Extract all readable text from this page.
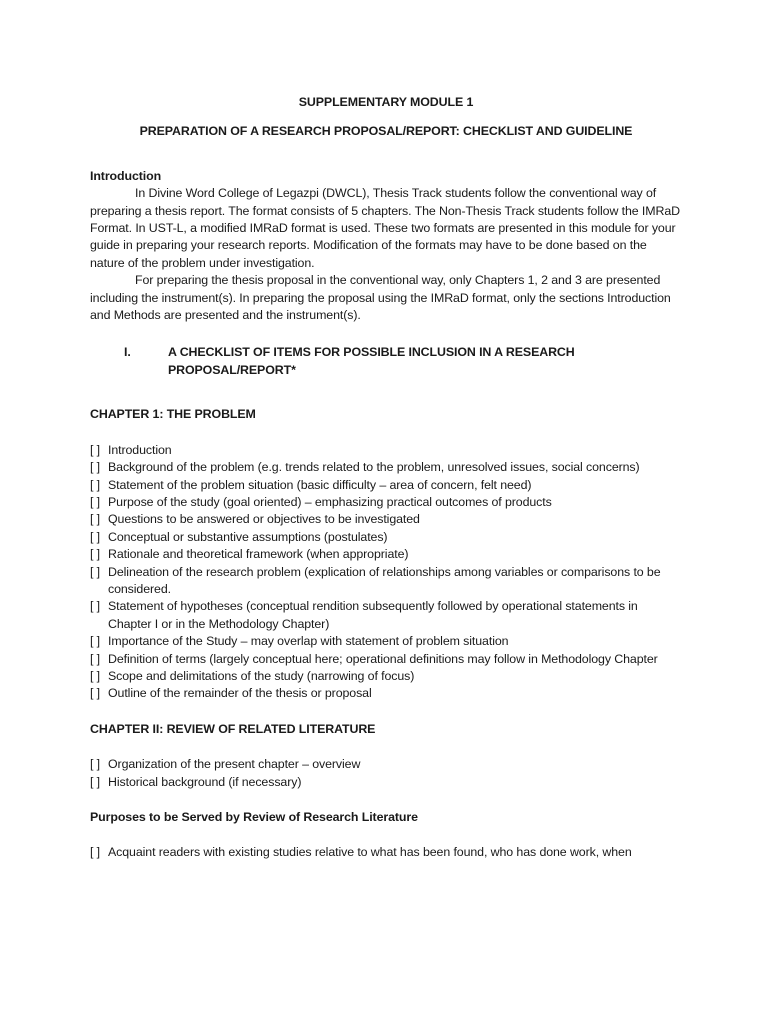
SUPPLEMENTARY MODULE 1
PREPARATION OF A RESEARCH PROPOSAL/REPORT: CHECKLIST AND GUIDELINE
Introduction

In Divine Word College of Legazpi (DWCL), Thesis Track students follow the conventional way of preparing a thesis report. The format consists of 5 chapters. The Non-Thesis Track students follow the IMRaD Format. In UST-L, a modified IMRaD format is used. These two formats are presented in this module for your guide in preparing your research reports. Modification of the formats may have to be done based on the nature of the problem under investigation.

For preparing the thesis proposal in the conventional way, only Chapters 1, 2 and 3 are presented including the instrument(s). In preparing the proposal using the IMRaD format, only the sections Introduction and Methods are presented and the instrument(s).

I.	A CHECKLIST OF ITEMS FOR POSSIBLE INCLUSION IN A RESEARCH PROPOSAL/REPORT*
CHAPTER 1: THE PROBLEM
[ ] Introduction
[ ] Background of the problem (e.g. trends related to the problem, unresolved issues, social concerns)
[ ] Statement of the problem situation (basic difficulty – area of concern, felt need)
[ ] Purpose of the study (goal oriented) – emphasizing practical outcomes of products
[ ] Questions to be answered or objectives to be investigated
[ ] Conceptual or substantive assumptions (postulates)
[ ] Rationale and theoretical framework (when appropriate)
[ ] Delineation of the research problem (explication of relationships among variables or comparisons to be considered.
[ ] Statement of hypotheses (conceptual rendition subsequently followed by operational statements in Chapter I or in the Methodology Chapter)
[ ] Importance of the Study – may overlap with statement of problem situation
[ ] Definition of terms (largely conceptual here; operational definitions may follow in Methodology Chapter
[ ] Scope and delimitations of the study (narrowing of focus)
[ ] Outline of the remainder of the thesis or proposal
CHAPTER II: REVIEW OF RELATED LITERATURE
[ ] Organization of the present chapter – overview
[ ] Historical background (if necessary)
Purposes to be Served by Review of Research Literature
[ ] Acquaint readers with existing studies relative to what has been found, who has done work, when
